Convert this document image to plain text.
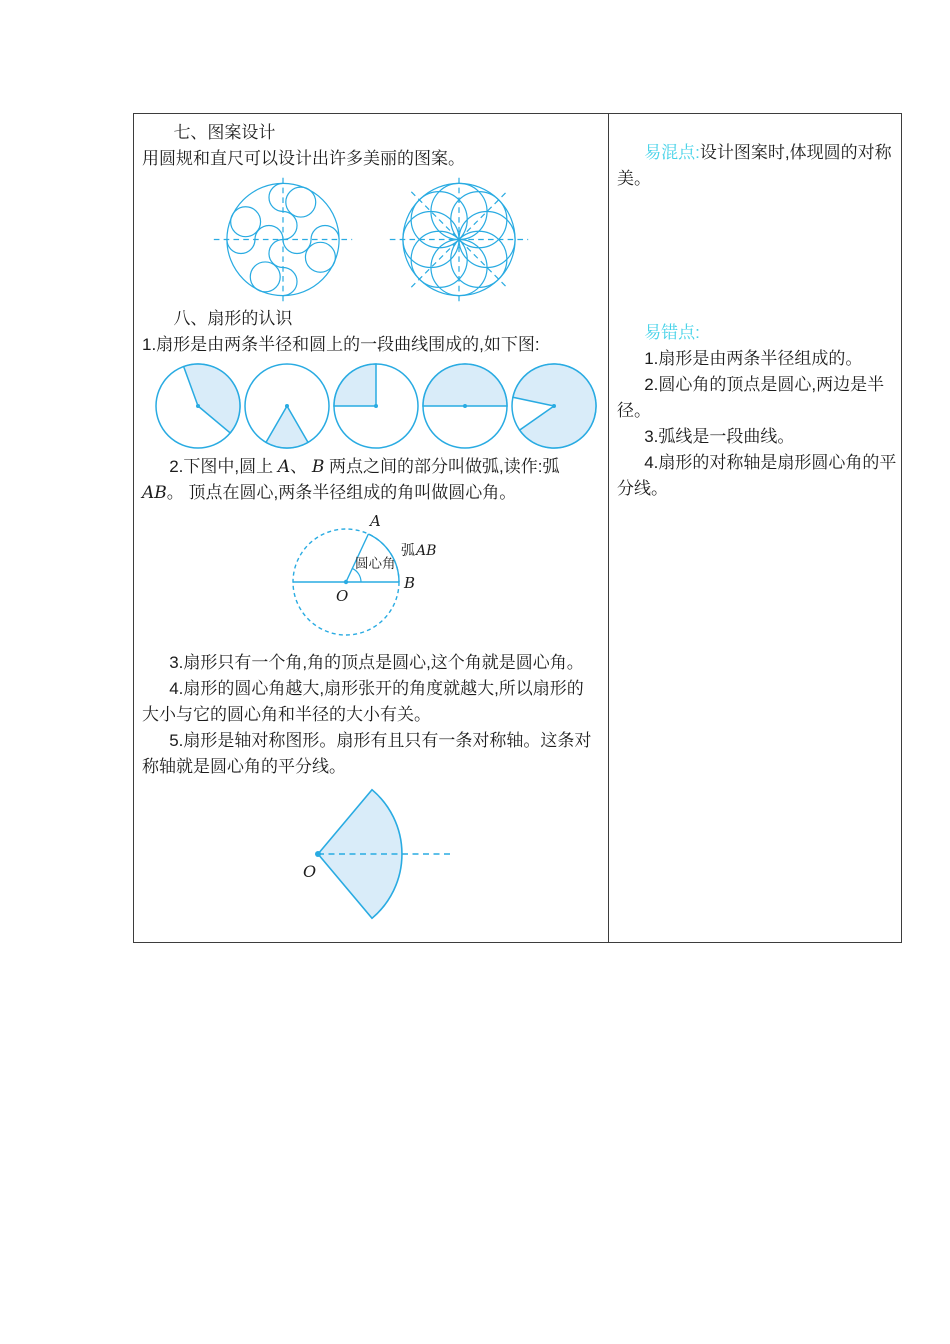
七、图案设计

用圆规和直尺可以设计出许多美丽的图案。

八、扇形的认识

1.扇形是由两条半径和圆上的一段曲线围成的,如下图:

2.下图中,圆上 A、 B 两点之间的部分叫做弧,读作:弧 AB。 顶点在圆心,两条半径组成的角叫做圆心角。

A
B
O
弧 AB
圆心角

3.扇形只有一个角,角的顶点是圆心,这个角就是圆心角。

4.扇形的圆心角越大,扇形张开的角度就越大,所以扇形的大小与它的圆心角和半径的大小有关。

5.扇形是轴对称图形。扇形有且只有一条对称轴。这条对称轴就是圆心角的平分线。

O

易混点:设计图案时,体现圆的对称美。

易错点:

1.扇形是由两条半径组成的。

2.圆心角的顶点是圆心,两边是半径。

3.弧线是一段曲线。

4.扇形的对称轴是扇形圆心角的平分线。
